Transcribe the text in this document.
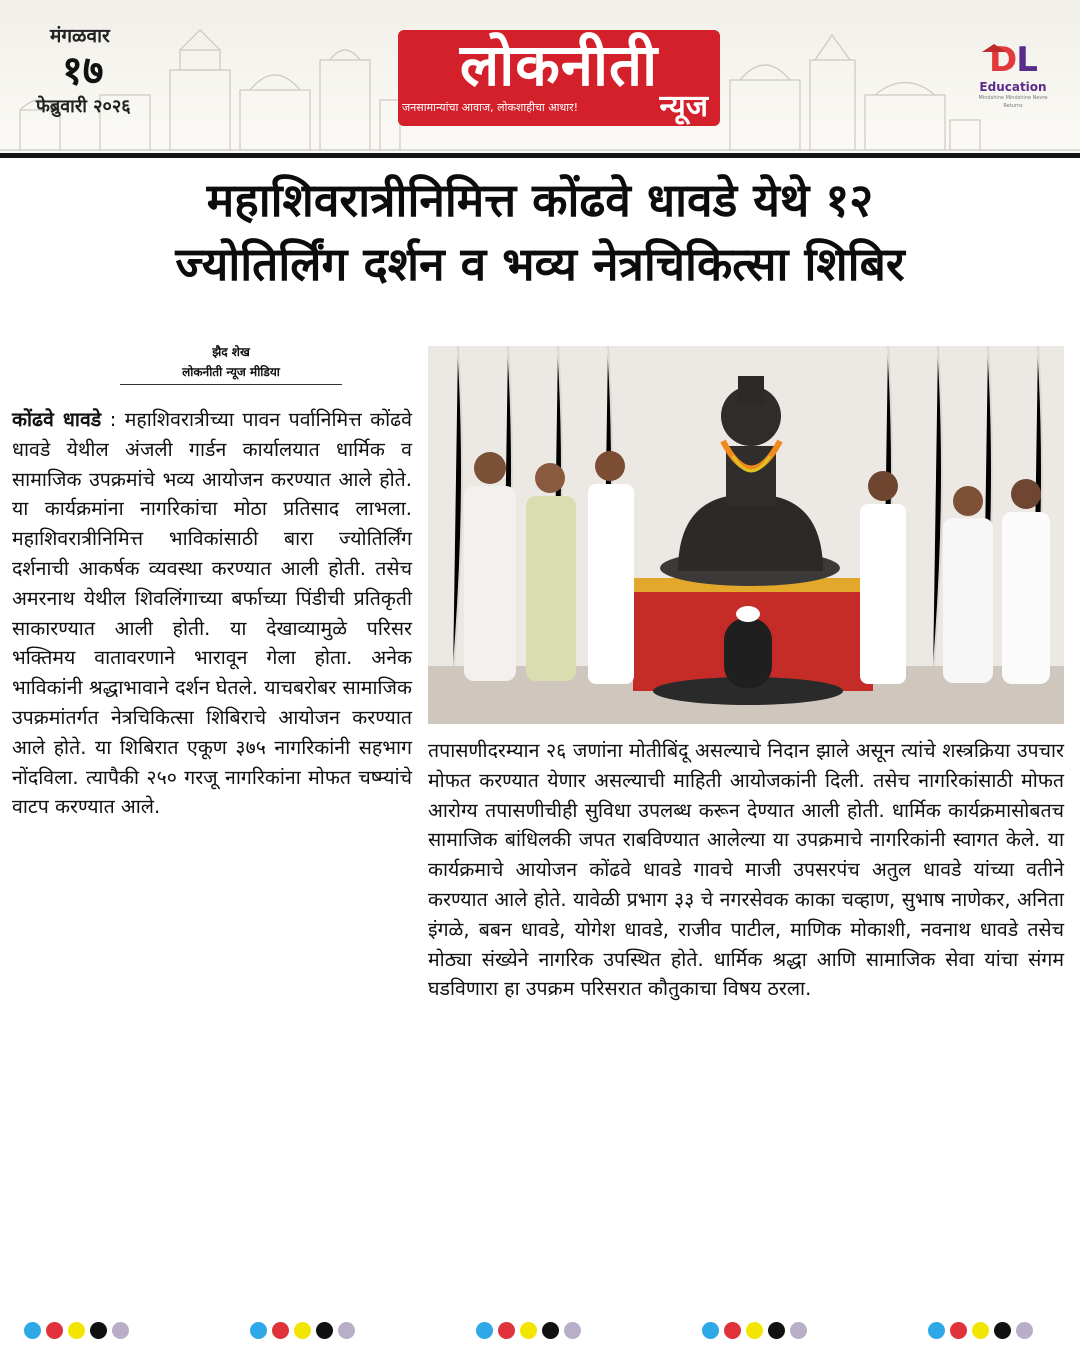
मंगळवार
१७
फेब्रुवारी २०२६
लोकनीती
जनसामान्यांचा आवाज, लोकशाहीचा आधार!	न्यूज
DL
Education
Mindshine Mindshine Nevre Returns
महाशिवरात्रीनिमित्त कोंढवे धावडे येथे १२
ज्योतिर्लिंग दर्शन व भव्य नेत्रचिकित्सा शिबिर
झैद शेख
लोकनीती न्यूज मीडिया

कोंढवे धावडे : महाशिवरात्रीच्या पावन पर्वानिमित्त कोंढवे धावडे येथील अंजली गार्डन कार्यालयात धार्मिक व सामाजिक उपक्रमांचे भव्य आयोजन करण्यात आले होते. या कार्यक्रमांना नागरिकांचा मोठा प्रतिसाद लाभला. महाशिवरात्रीनिमित्त भाविकांसाठी बारा ज्योतिर्लिंग दर्शनाची आकर्षक व्यवस्था करण्यात आली होती. तसेच अमरनाथ येथील शिवलिंगाच्या बर्फाच्या पिंडीची प्रतिकृती साकारण्यात आली होती. या देखाव्यामुळे परिसर भक्तिमय वातावरणाने भारावून गेला होता. अनेक भाविकांनी श्रद्धाभावाने दर्शन घेतले. याचबरोबर सामाजिक उपक्रमांतर्गत नेत्रचिकित्सा शिबिराचे आयोजन करण्यात आले होते. या शिबिरात एकूण ३७५ नागरिकांनी सहभाग नोंदविला. त्यापैकी २५० गरजू नागरिकांना मोफत चष्म्यांचे वाटप करण्यात आले.

तपासणीदरम्यान २६ जणांना मोतीबिंदू असल्याचे निदान झाले असून त्यांचे शस्त्रक्रिया उपचार मोफत करण्यात येणार असल्याची माहिती आयोजकांनी दिली. तसेच नागरिकांसाठी मोफत आरोग्य तपासणीचीही सुविधा उपलब्ध करून देण्यात आली होती. धार्मिक कार्यक्रमासोबतच सामाजिक बांधिलकी जपत राबविण्यात आलेल्या या उपक्रमाचे नागरिकांनी स्वागत केले. या कार्यक्रमाचे आयोजन कोंढवे धावडे गावचे माजी उपसरपंच अतुल धावडे यांच्या वतीने करण्यात आले होते. यावेळी प्रभाग ३३ चे नगरसेवक काका चव्हाण, सुभाष नाणेकर, अनिता इंगळे, बबन धावडे, योगेश धावडे, राजीव पाटील, माणिक मोकाशी, नवनाथ धावडे तसेच मोठ्या संख्येने नागरिक उपस्थित होते. धार्मिक श्रद्धा आणि सामाजिक सेवा यांचा संगम घडविणारा हा उपक्रम परिसरात कौतुकाचा विषय ठरला.
